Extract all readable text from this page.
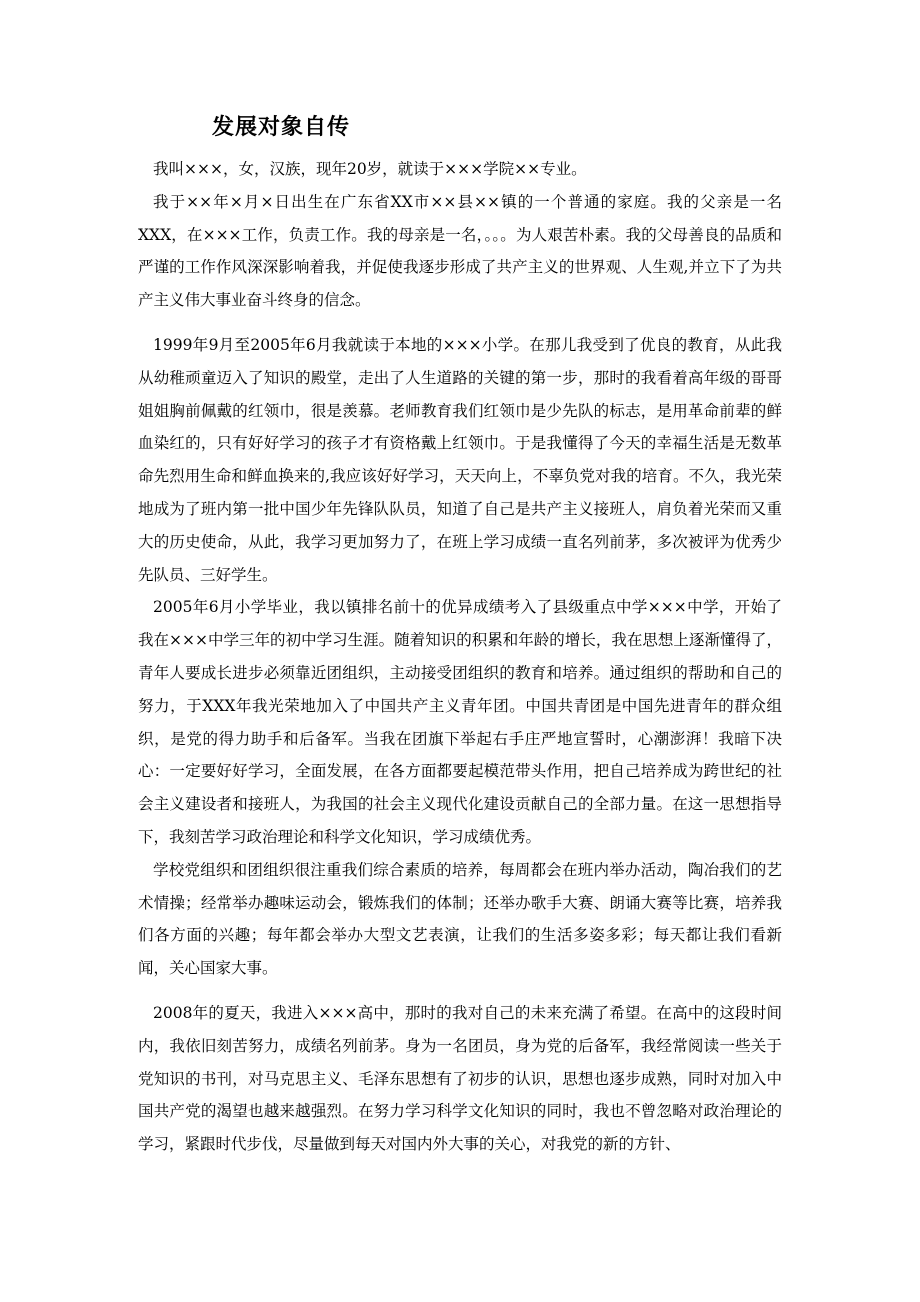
发展对象自传

我叫×××，女，汉族，现年20岁，就读于×××学院××专业。

我于××年×月×日出生在广东省XX市××县××镇的一个普通的家庭。我的父亲是一名XXX，在×××工作，负责工作。我的母亲是一名，。。。为人艰苦朴素。我的父母善良的品质和严谨的工作作风深深影响着我，并促使我逐步形成了共产主义的世界观、人生观,并立下了为共产主义伟大事业奋斗终身的信念。

1999年9月至2005年6月我就读于本地的×××小学。在那儿我受到了优良的教育，从此我从幼稚顽童迈入了知识的殿堂，走出了人生道路的关键的第一步，那时的我看着高年级的哥哥姐姐胸前佩戴的红领巾，很是羡慕。老师教育我们红领巾是少先队的标志，是用革命前辈的鲜血染红的，只有好好学习的孩子才有资格戴上红领巾。于是我懂得了今天的幸福生活是无数革命先烈用生命和鲜血换来的,我应该好好学习，天天向上，不辜负党对我的培育。不久，我光荣地成为了班内第一批中国少年先锋队队员，知道了自己是共产主义接班人，肩负着光荣而又重大的历史使命，从此，我学习更加努力了，在班上学习成绩一直名列前茅，多次被评为优秀少先队员、三好学生。

2005年6月小学毕业，我以镇排名前十的优异成绩考入了县级重点中学×××中学，开始了我在×××中学三年的初中学习生涯。随着知识的积累和年龄的增长，我在思想上逐渐懂得了，青年人要成长进步必须靠近团组织，主动接受团组织的教育和培养。通过组织的帮助和自己的努力，于XXX年我光荣地加入了中国共产主义青年团。中国共青团是中国先进青年的群众组织，是党的得力助手和后备军。当我在团旗下举起右手庄严地宣誓时，心潮澎湃！我暗下决心：一定要好好学习，全面发展，在各方面都要起模范带头作用，把自己培养成为跨世纪的社会主义建设者和接班人，为我国的社会主义现代化建设贡献自己的全部力量。在这一思想指导下，我刻苦学习政治理论和科学文化知识，学习成绩优秀。

学校党组织和团组织很注重我们综合素质的培养，每周都会在班内举办活动，陶冶我们的艺术情操；经常举办趣味运动会，锻炼我们的体制；还举办歌手大赛、朗诵大赛等比赛，培养我们各方面的兴趣；每年都会举办大型文艺表演，让我们的生活多姿多彩；每天都让我们看新闻，关心国家大事。

2008年的夏天，我进入×××高中，那时的我对自己的未来充满了希望。在高中的这段时间内，我依旧刻苦努力，成绩名列前茅。身为一名团员，身为党的后备军，我经常阅读一些关于党知识的书刊，对马克思主义、毛泽东思想有了初步的认识，思想也逐步成熟，同时对加入中国共产党的渴望也越来越强烈。在努力学习科学文化知识的同时，我也不曾忽略对政治理论的学习，紧跟时代步伐，尽量做到每天对国内外大事的关心，对我党的新的方针、
